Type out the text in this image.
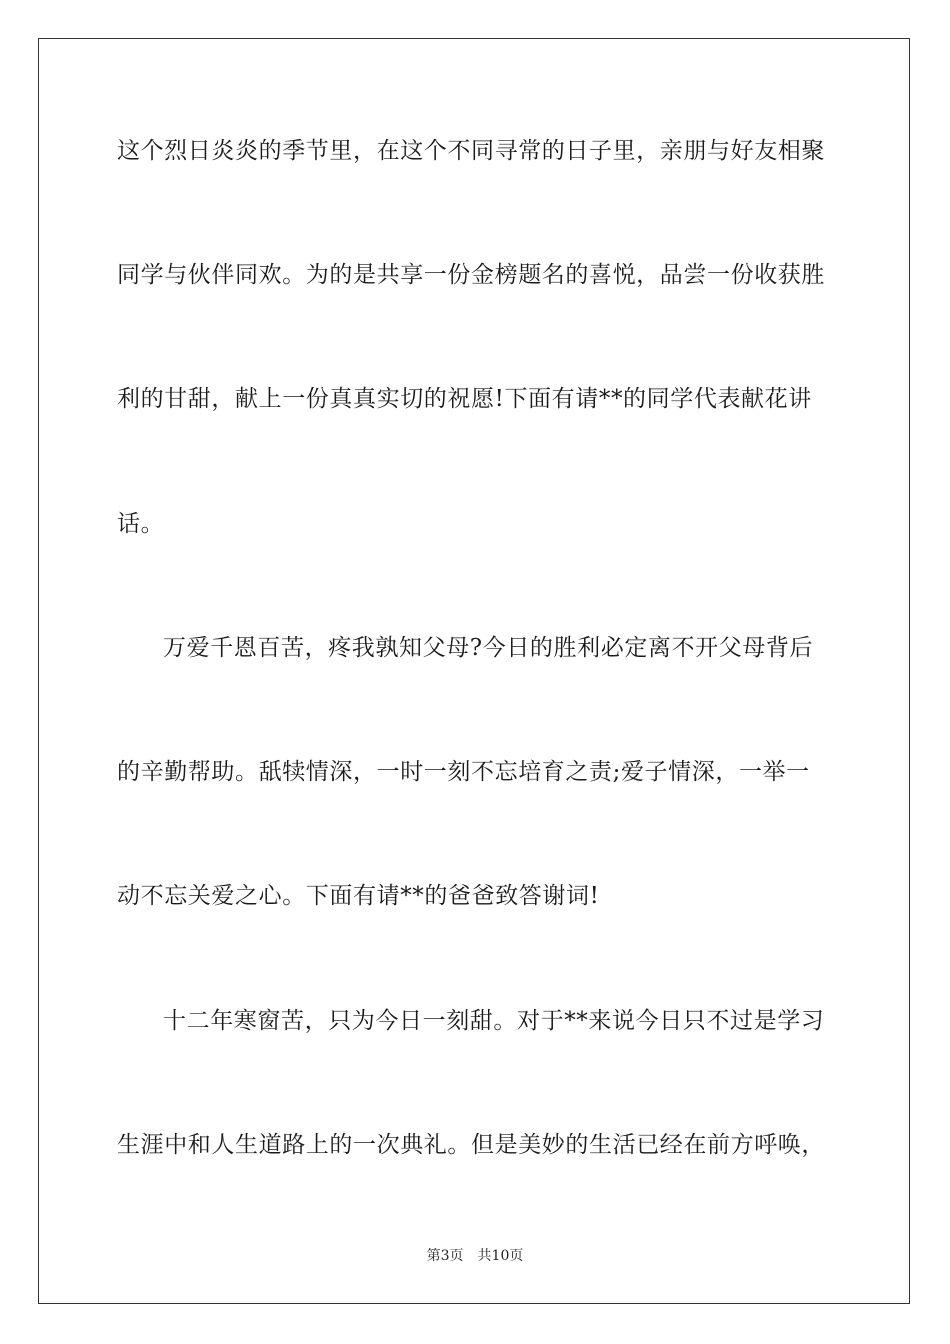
这个烈日炎炎的季节里，在这个不同寻常的日子里，亲朋与好友相聚
同学与伙伴同欢。为的是共享一份金榜题名的喜悦，品尝一份收获胜
利的甘甜，献上一份真真实切的祝愿!下面有请**的同学代表献花讲
话。
万爱千恩百苦，疼我孰知父母?今日的胜利必定离不开父母背后
的辛勤帮助。舐犊情深，一时一刻不忘培育之责;爱子情深，一举一
动不忘关爱之心。下面有请**的爸爸致答谢词!
十二年寒窗苦，只为今日一刻甜。对于**来说今日只不过是学习
生涯中和人生道路上的一次典礼。但是美妙的生活已经在前方呼唤，
第3页 共10页
